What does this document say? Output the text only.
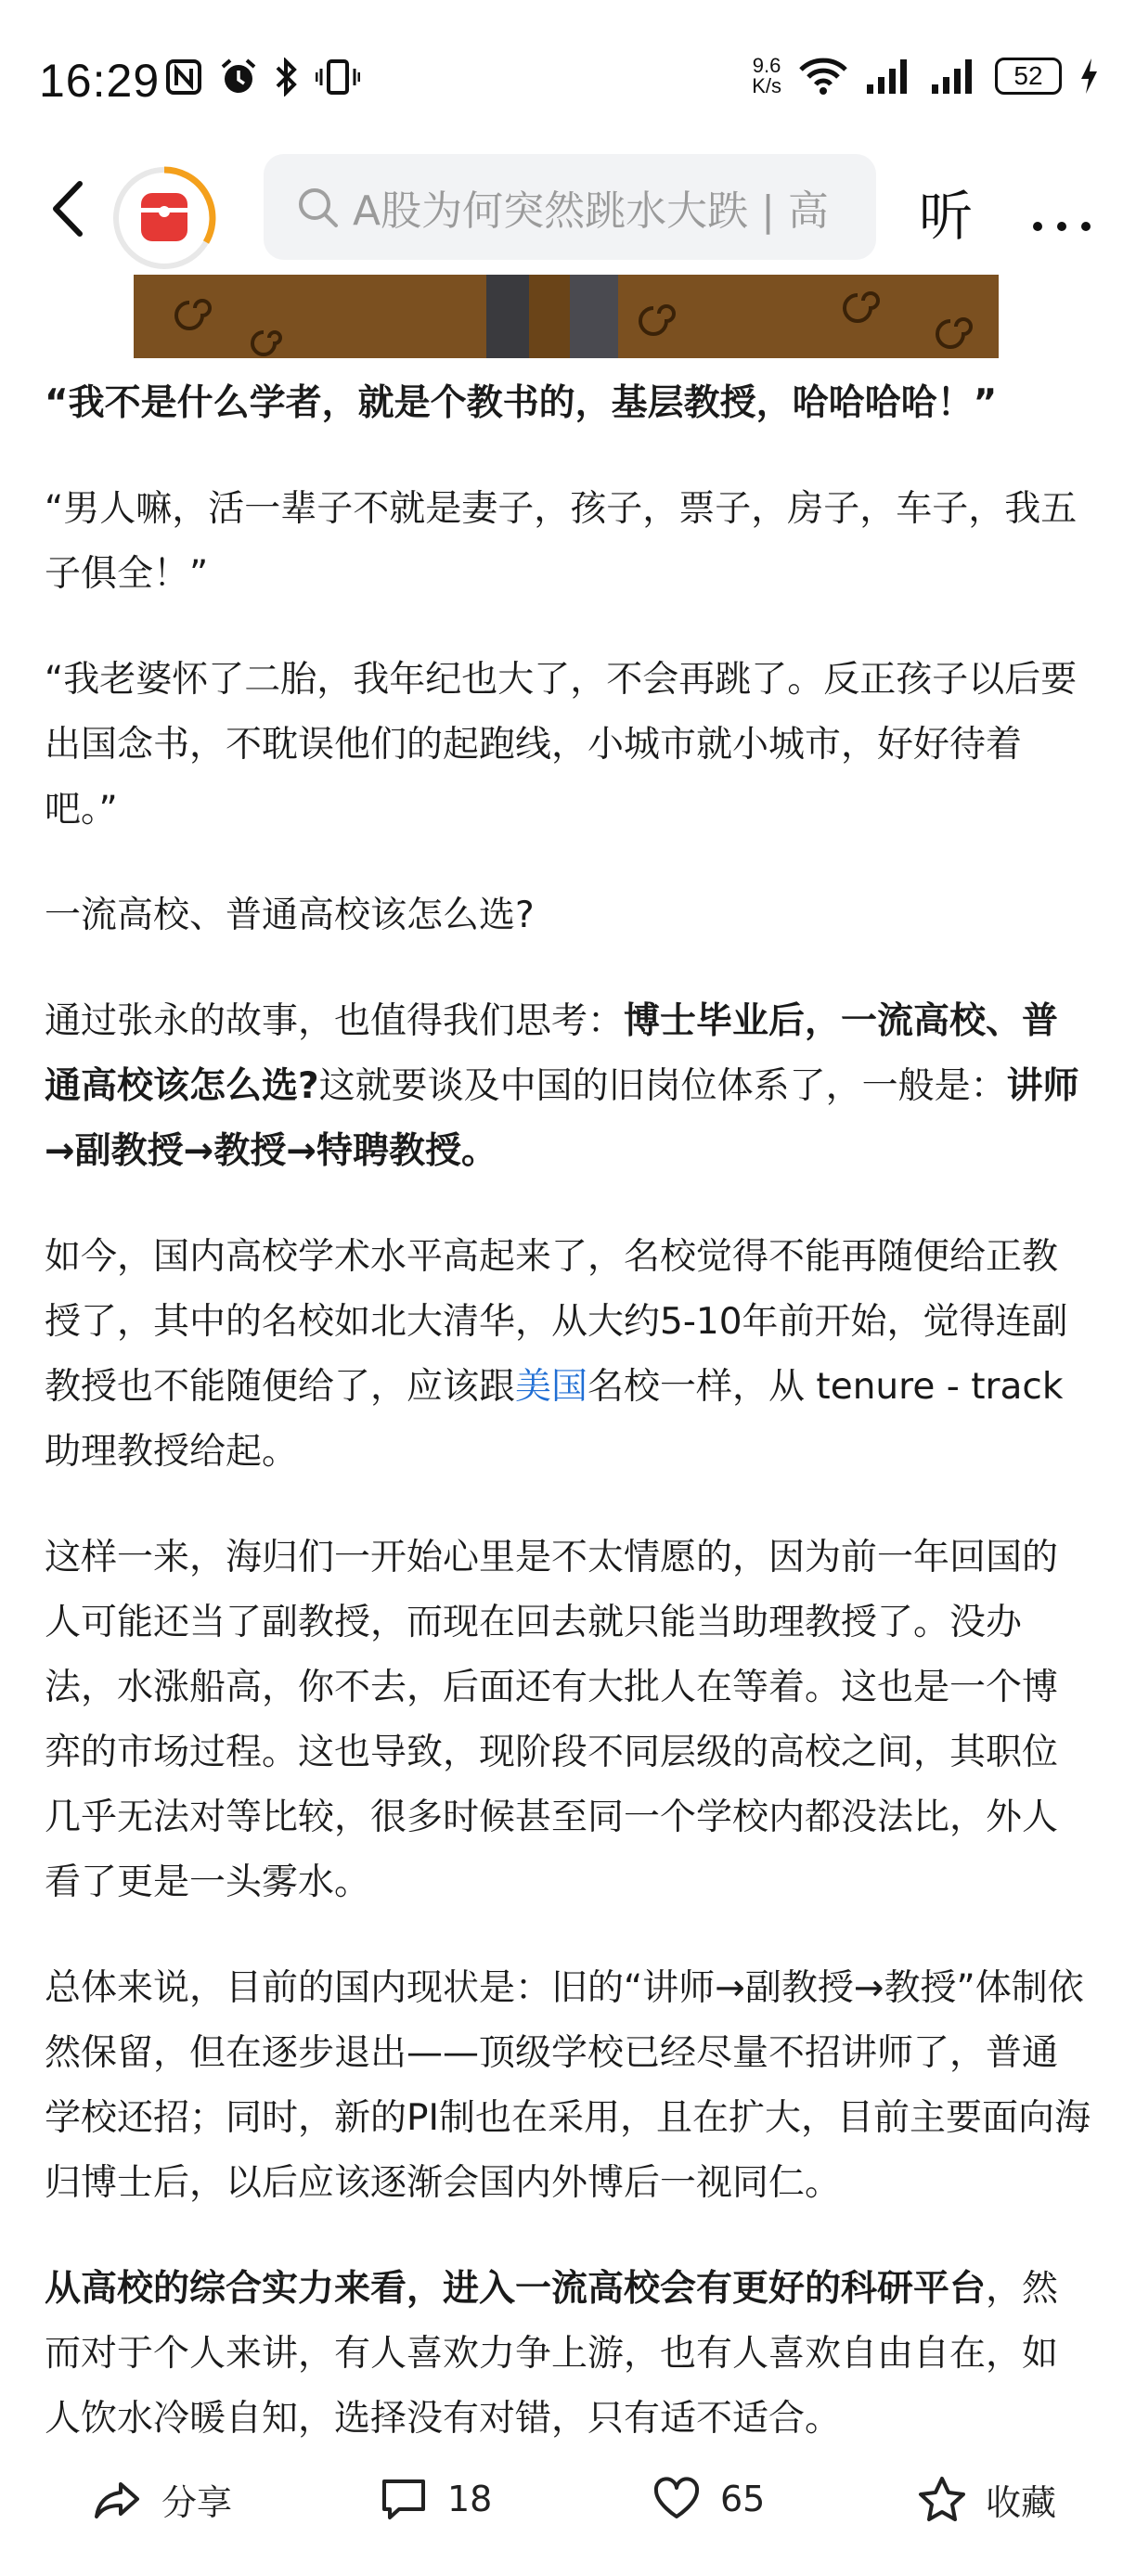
16:29	9.6
K/s	52
A股为何突然跳水大跌 | 高 听

“我不是什么学者，就是个教书的，基层教授，哈哈哈哈！”

“男人嘛，活一辈子不就是妻子，孩子，票子，房子，车子，我五子俱全！”

“我老婆怀了二胎，我年纪也大了，不会再跳了。反正孩子以后要出国念书，不耽误他们的起跑线，小城市就小城市，好好待着吧。”

一流高校、普通高校该怎么选?

通过张永的故事，也值得我们思考：博士毕业后，一流高校、普通高校该怎么选?这就要谈及中国的旧岗位体系了，一般是：讲师→副教授→教授→特聘教授。

如今，国内高校学术水平高起来了，名校觉得不能再随便给正教授了，其中的名校如北大清华，从大约5-10年前开始，觉得连副教授也不能随便给了，应该跟美国名校一样，从 tenure - track 助理教授给起。

这样一来，海归们一开始心里是不太情愿的，因为前一年回国的人可能还当了副教授，而现在回去就只能当助理教授了。没办法，水涨船高，你不去，后面还有大批人在等着。这也是一个博弈的市场过程。这也导致，现阶段不同层级的高校之间，其职位几乎无法对等比较，很多时候甚至同一个学校内都没法比，外人看了更是一头雾水。

总体来说，目前的国内现状是：旧的“讲师→副教授→教授”体制依然保留，但在逐步退出——顶级学校已经尽量不招讲师了，普通学校还招；同时，新的PI制也在采用，且在扩大，目前主要面向海归博士后，以后应该逐渐会国内外博后一视同仁。

从高校的综合实力来看，进入一流高校会有更好的科研平台，然而对于个人来讲，有人喜欢力争上游，也有人喜欢自由自在，如
人饮水冷暖自知，选择没有对错，只有适不适合。

分享	18	65	收藏
